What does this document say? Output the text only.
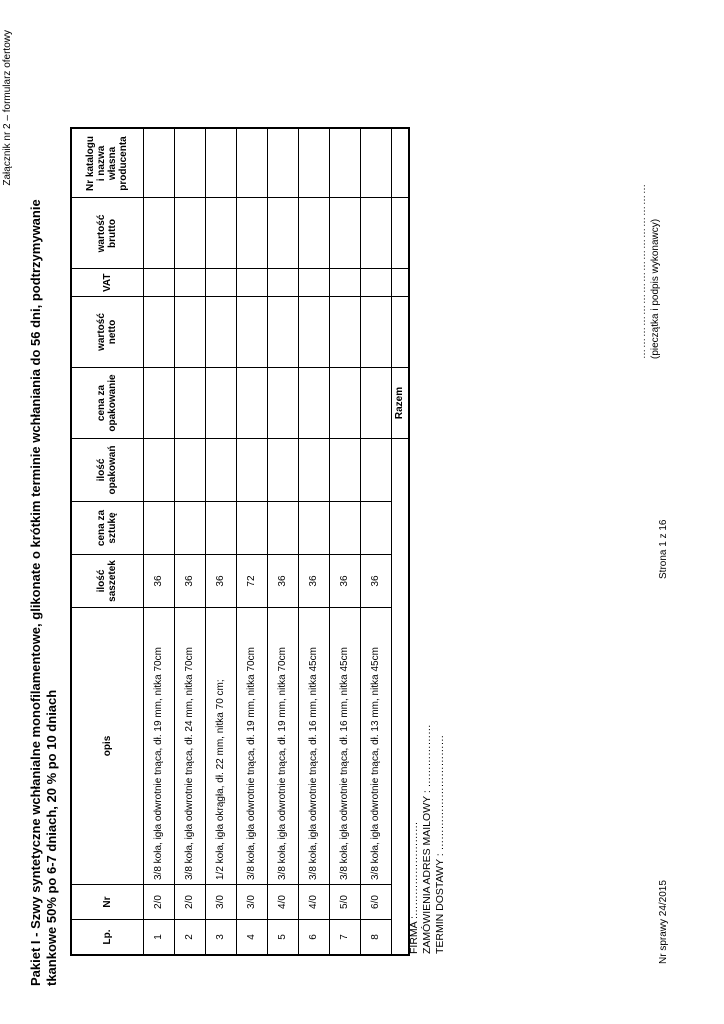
Załącznik nr 2 – formularz ofertowy
Pakiet I - Szwy syntetyczne wchłanialne monofilamentowe, glikonate o krótkim terminie wchłaniania do 56 dni, podtrzymywanie tkankowe 50% po 6-7 dniach, 20 % po 10 dniach	Lp.	Nr	opis	ilość saszetek	cena za sztukę	ilość opakowań	cena za opakowanie	wartość netto	VAT	wartość brutto	Nr katalogu i nazwa własna producenta
1	2/0	3/8 koła, igła odwrotnie tnąca, dł. 19 mm, nitka 70cm	36							
2	2/0	3/8 koła, igła odwrotnie tnąca, dł. 24 mm, nitka 70cm	36							
3	3/0	1/2 koła, igła okrągła, dł. 22 mm, nitka 70 cm;	36							
4	3/0	3/8 koła, igła odwrotnie tnąca, dł. 19 mm, nitka 70cm	72							
5	4/0	3/8 koła, igła odwrotnie tnąca, dł. 19 mm, nitka 70cm	36							
6	4/0	3/8 koła, igła odwrotnie tnąca, dł. 16 mm, nitka 45cm	36							
7	5/0	3/8 koła, igła odwrotnie tnąca, dł. 16 mm, nitka 45cm	36							
8	6/0	3/8 koła, igła odwrotnie tnąca, dł. 13 mm, nitka 45cm	36							
						Razem				
FIRMA :……………………… ZAMÓWIENIA ADRES MAILOWY : ……………… TERMIN DOSTAWY : ……………………………
………………………………………… (pieczątka i podpis wykonawcy)
Nr sprawy 24/2015
Strona 1 z 16
